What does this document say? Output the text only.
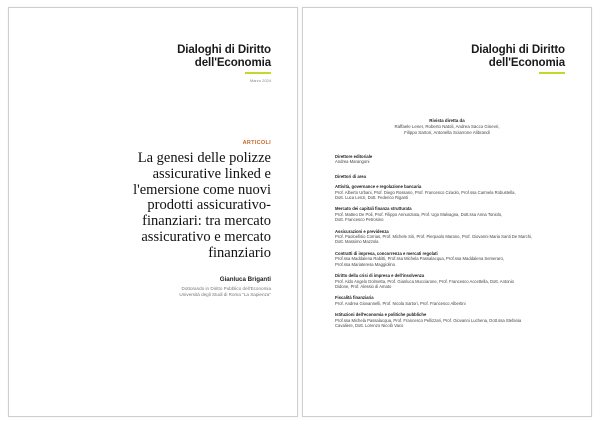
Dialoghi di Diritto
dell'Economia
Marzo 2024
ARTICOLI
La genesi delle polizze
assicurative linked e
l'emersione come nuovi
prodotti assicurativo-
finanziari: tra mercato
assicurativo e mercato
finanziario
Gianluca Briganti
Dottorando in Diritto Pubblico dell'Economia
Università degli Studi di Roma "La Sapienza"
Dialoghi di Diritto
dell'Economia
Rivista diretta da
Raffaele Lener, Roberto Natoli, Andrea Sacco Ginevri,
Filippo Sartori, Antonella Sciarrone Alibrandi
Direttore editoriale
Andrea Marangoni
Direttori di area
Attività, governance e regolazione bancaria
Prof. Alberto Urbani, Prof. Diego Rossano, Prof. Francesco Ciraolo, Prof.ssa Carmela Robustella,
Dott. Luca Lenzi, Dott. Federico Riganti
Mercato dei capitali finanza strutturata
Prof. Matteo De Poli, Prof. Filippo Annunziata, Prof. Ugo Malvagna, Dott.ssa Anna Toniolo,
Dott. Francesco Petrosino
Assicurazioni e previdenza
Prof. Paoloefisio Corrias, Prof. Michele Siri, Prof. Pierpaolo Marano, Prof. Giovanni Maria Santi De Marchi,
Dott. Massimo Mazzola
Contratti di impresa, concorrenza e mercati regolati
Prof.ssa Maddalena Rabitti, Prof.ssa Michela Passalacqua, Prof.ssa Maddalena Semeraro,
Prof.ssa Mariateresa Maggiolino
Diritto della crisi di impresa e dell'insolvenza
Prof. Aldo Angelo Dolmetta, Prof. Gianluca Mucciarone, Prof. Francesco Accettella, Dott. Antonio
Didone, Prof. Alessio di Amato
Fiscalità finanziaria
Prof. Andrea Giovannelli, Prof. Nicola Sartori, Prof. Francesco Albertini
Istituzioni dell'economia e politiche pubbliche
Prof.ssa Michela Passalacqua, Prof. Francesco Pellizzari, Prof. Giovanni Luchena, Dott.ssa Stefania
Cavaliere, Dott. Lorenzo Nicolò Vaco
